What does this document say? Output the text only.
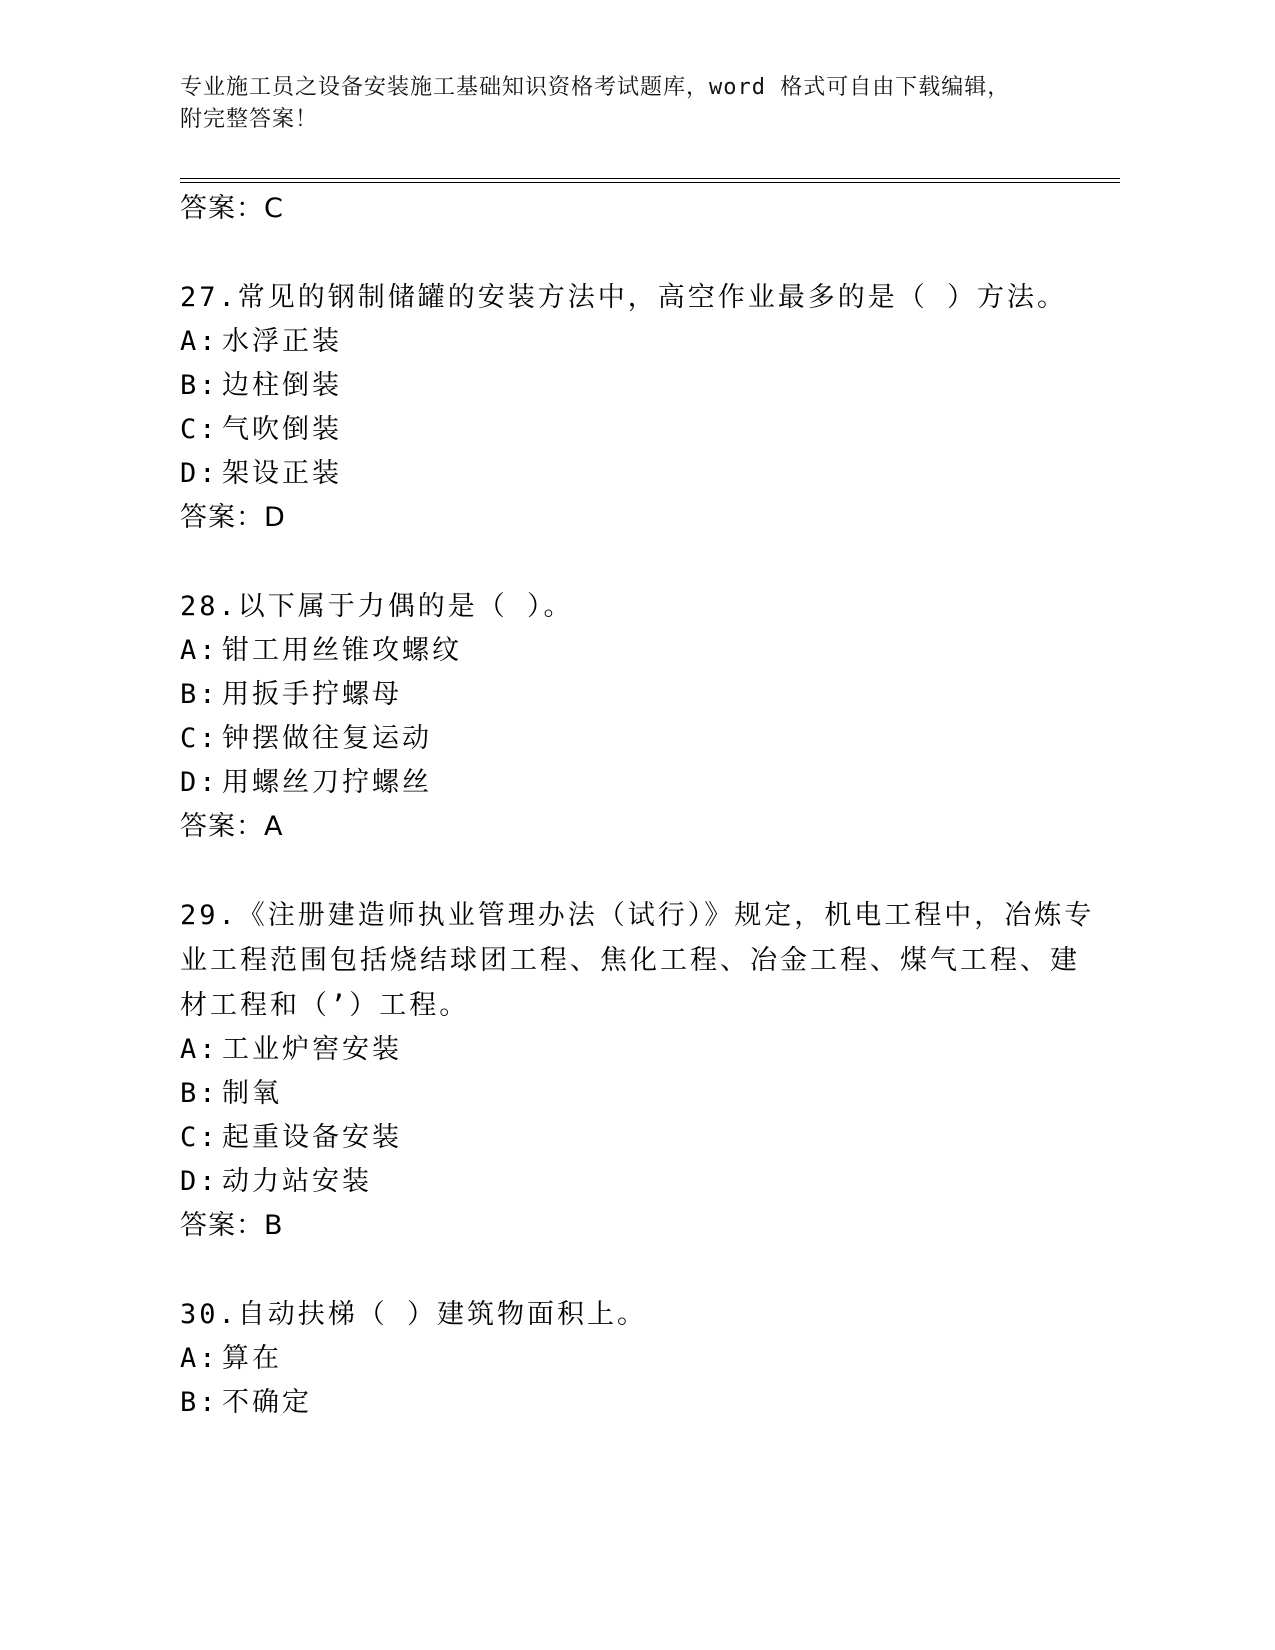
专业施工员之设备安装施工基础知识资格考试题库，word 格式可自由下载编辑，
附完整答案！

答案：C

27.常见的钢制储罐的安装方法中，高空作业最多的是（ ）方法。

A: 水浮正装

B: 边柱倒装

C: 气吹倒装

D: 架设正装

答案：D

28.以下属于力偶的是（ ）。

A: 钳工用丝锥攻螺纹

B: 用扳手拧螺母

C: 钟摆做往复运动

D: 用螺丝刀拧螺丝

答案：A

29.《注册建造师执业管理办法（试行）》规定，机电工程中，冶炼专

业工程范围包括烧结球团工程、焦化工程、冶金工程、煤气工程、建

材工程和（’）工程。

A: 工业炉窖安装

B: 制氧

C: 起重设备安装

D: 动力站安装

答案：B

30.自动扶梯（ ）建筑物面积上。

A: 算在

B: 不确定
